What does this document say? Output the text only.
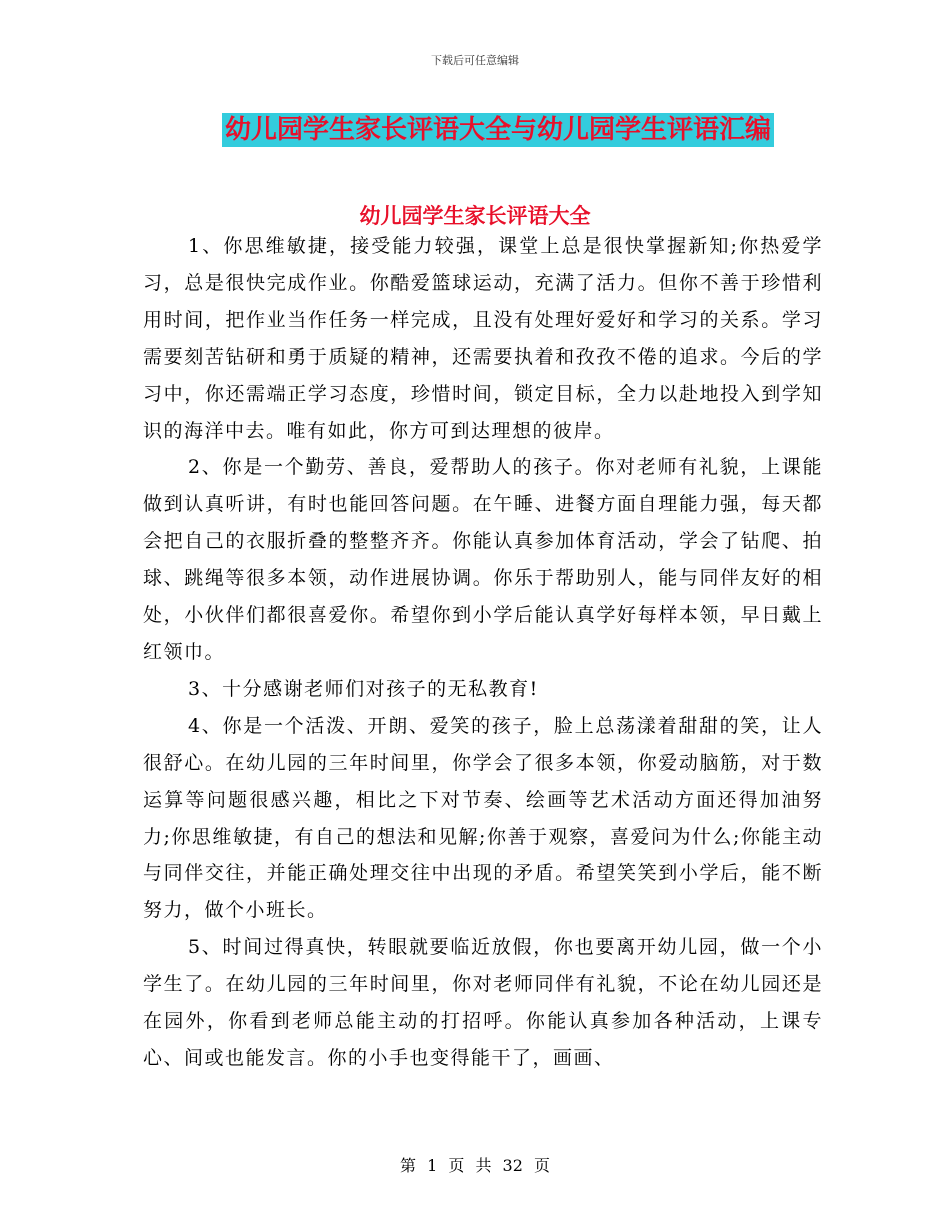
下载后可任意编辑
幼儿园学生家长评语大全与幼儿园学生评语汇编
幼儿园学生家长评语大全

1、你思维敏捷，接受能力较强，课堂上总是很快掌握新知;你热爱学习，总是很快完成作业。你酷爱篮球运动，充满了活力。但你不善于珍惜利用时间，把作业当作任务一样完成，且没有处理好爱好和学习的关系。学习需要刻苦钻研和勇于质疑的精神，还需要执着和孜孜不倦的追求。今后的学习中，你还需端正学习态度，珍惜时间，锁定目标，全力以赴地投入到学知识的海洋中去。唯有如此，你方可到达理想的彼岸。

2、你是一个勤劳、善良，爱帮助人的孩子。你对老师有礼貌，上课能做到认真听讲，有时也能回答问题。在午睡、进餐方面自理能力强，每天都会把自己的衣服折叠的整整齐齐。你能认真参加体育活动，学会了钻爬、拍球、跳绳等很多本领，动作进展协调。你乐于帮助别人，能与同伴友好的相处，小伙伴们都很喜爱你。希望你到小学后能认真学好每样本领，早日戴上红领巾。

3、十分感谢老师们对孩子的无私教育!

4、你是一个活泼、开朗、爱笑的孩子，脸上总荡漾着甜甜的笑，让人很舒心。在幼儿园的三年时间里，你学会了很多本领，你爱动脑筋，对于数运算等问题很感兴趣，相比之下对节奏、绘画等艺术活动方面还得加油努力;你思维敏捷，有自己的想法和见解;你善于观察，喜爱问为什么;你能主动与同伴交往，并能正确处理交往中出现的矛盾。希望笑笑到小学后，能不断努力，做个小班长。

5、时间过得真快，转眼就要临近放假，你也要离开幼儿园，做一个小学生了。在幼儿园的三年时间里，你对老师同伴有礼貌，不论在幼儿园还是在园外，你看到老师总能主动的打招呼。你能认真参加各种活动，上课专心、间或也能发言。你的小手也变得能干了，画画、

第 1 页 共 32 页
